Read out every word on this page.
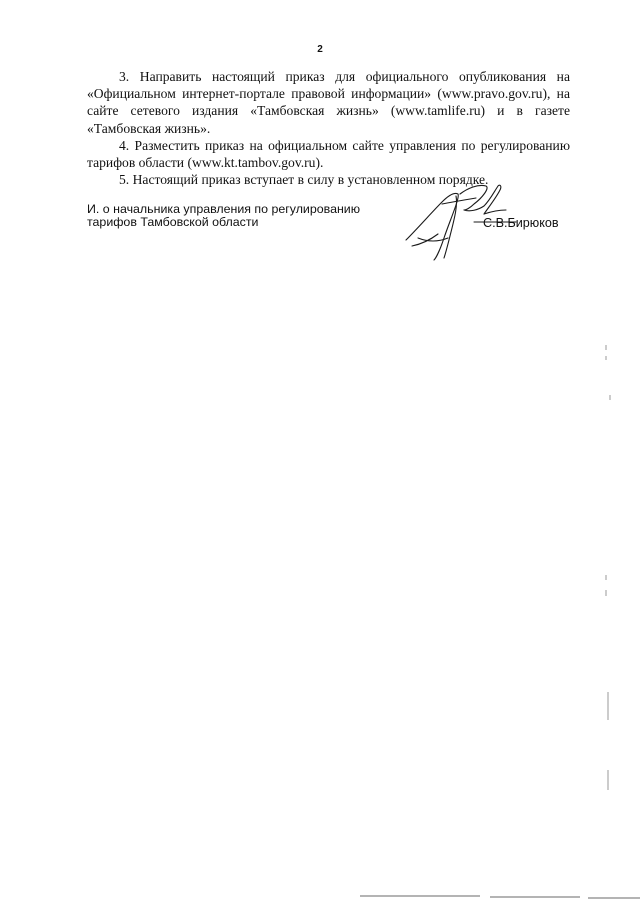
2

3. Направить настоящий приказ для официального опубликования на «Официальном интернет-портале правовой информации» (www.pravo.gov.ru), на сайте сетевого издания «Тамбовская жизнь» (www.tamlife.ru) и в газете «Тамбовская жизнь».

4. Разместить приказ на официальном сайте управления по регулированию тарифов области (www.kt.tambov.gov.ru).

5. Настоящий приказ вступает в силу в установленном порядке.

И. о начальника управления по регулированию
тарифов Тамбовской области	С.В.Бирюков
